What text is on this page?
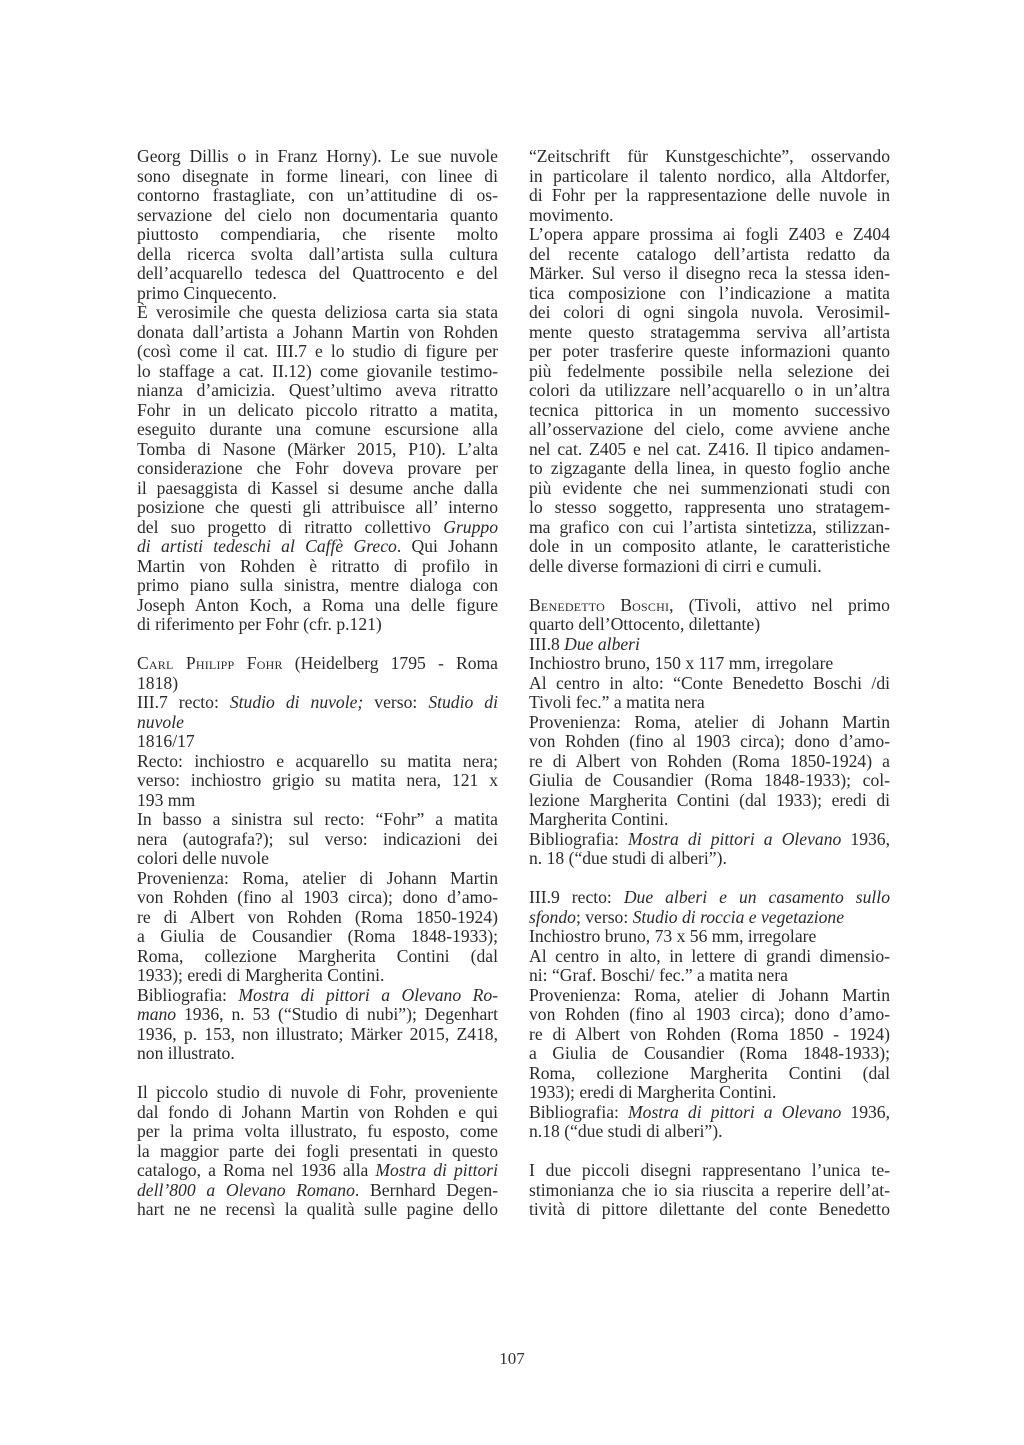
Georg Dillis o in Franz Horny). Le sue nuvole
sono disegnate in forme lineari, con linee di
contorno frastagliate, con un’attitudine di os-
servazione del cielo non documentaria quanto
piuttosto compendiaria, che risente molto
della ricerca svolta dall’artista sulla cultura
dell’acquarello tedesca del Quattrocento e del
primo Cinquecento.

È verosimile che questa deliziosa carta sia stata
donata dall’artista a Johann Martin von Rohden
(così come il cat. III.7 e lo studio di figure per
lo staffage a cat. II.12) come giovanile testimo-
nianza d’amicizia. Quest’ultimo aveva ritratto
Fohr in un delicato piccolo ritratto a matita,
eseguito durante una comune escursione alla
Tomba di Nasone (Märker 2015, P10). L’alta
considerazione che Fohr doveva provare per
il paesaggista di Kassel si desume anche dalla
posizione che questi gli attribuisce all’ interno
del suo progetto di ritratto collettivo Gruppo
di artisti tedeschi al Caffè Greco. Qui Johann
Martin von Rohden è ritratto di profilo in
primo piano sulla sinistra, mentre dialoga con
Joseph Anton Koch, a Roma una delle figure
di riferimento per Fohr (cfr. p.121)

Carl Philipp Fohr (Heidelberg 1795 - Roma
1818)
III.7 recto: Studio di nuvole; verso: Studio di
nuvole
1816/17
Recto: inchiostro e acquarello su matita nera;
verso: inchiostro grigio su matita nera, 121 x
193 mm
In basso a sinistra sul recto: “Fohr” a matita
nera (autografa?); sul verso: indicazioni dei
colori delle nuvole
Provenienza: Roma, atelier di Johann Martin
von Rohden (fino al 1903 circa); dono d’amo-
re di Albert von Rohden (Roma 1850-1924)
a Giulia de Cousandier (Roma 1848-1933);
Roma, collezione Margherita Contini (dal
1933); eredi di Margherita Contini.
Bibliografia: Mostra di pittori a Olevano Ro-
mano 1936, n. 53 (“Studio di nubi”); Degenhart
1936, p. 153, non illustrato; Märker 2015, Z418,
non illustrato.

Il piccolo studio di nuvole di Fohr, proveniente
dal fondo di Johann Martin von Rohden e qui
per la prima volta illustrato, fu esposto, come
la maggior parte dei fogli presentati in questo
catalogo, a Roma nel 1936 alla Mostra di pittori
dell’800 a Olevano Romano. Bernhard Degen-
hart ne ne recensì la qualità sulle pagine dello

“Zeitschrift für Kunstgeschichte”, osservando
in particolare il talento nordico, alla Altdorfer,
di Fohr per la rappresentazione delle nuvole in
movimento.

L’opera appare prossima ai fogli Z403 e Z404
del recente catalogo dell’artista redatto da
Märker. Sul verso il disegno reca la stessa iden-
tica composizione con l’indicazione a matita
dei colori di ogni singola nuvola. Verosimil-
mente questo stratagemma serviva all’artista
per poter trasferire queste informazioni quanto
più fedelmente possibile nella selezione dei
colori da utilizzare nell’acquarello o in un’altra
tecnica pittorica in un momento successivo
all’osservazione del cielo, come avviene anche
nel cat. Z405 e nel cat. Z416. Il tipico andamen-
to zigzagante della linea, in questo foglio anche
più evidente che nei summenzionati studi con
lo stesso soggetto, rappresenta uno stratagem-
ma grafico con cui l’artista sintetizza, stilizzan-
dole in un composito atlante, le caratteristiche
delle diverse formazioni di cirri e cumuli.

Benedetto Boschi, (Tivoli, attivo nel primo
quarto dell’Ottocento, dilettante)
III.8 Due alberi
Inchiostro bruno, 150 x 117 mm, irregolare
Al centro in alto: “Conte Benedetto Boschi /di
Tivoli fec.” a matita nera
Provenienza: Roma, atelier di Johann Martin
von Rohden (fino al 1903 circa); dono d’amo-
re di Albert von Rohden (Roma 1850-1924) a
Giulia de Cousandier (Roma 1848-1933); col-
lezione Margherita Contini (dal 1933); eredi di
Margherita Contini.
Bibliografia: Mostra di pittori a Olevano 1936,
n. 18 (“due studi di alberi”).

III.9 recto: Due alberi e un casamento sullo
sfondo; verso: Studio di roccia e vegetazione
Inchiostro bruno, 73 x 56 mm, irregolare
Al centro in alto, in lettere di grandi dimensio-
ni: “Graf. Boschi/ fec.” a matita nera
Provenienza: Roma, atelier di Johann Martin
von Rohden (fino al 1903 circa); dono d’amo-
re di Albert von Rohden (Roma 1850 - 1924)
a Giulia de Cousandier (Roma 1848-1933);
Roma, collezione Margherita Contini (dal
1933); eredi di Margherita Contini.
Bibliografia: Mostra di pittori a Olevano 1936,
n.18 (“due studi di alberi”).

I due piccoli disegni rappresentano l’unica te-
stimonianza che io sia riuscita a reperire dell’at-
tività di pittore dilettante del conte Benedetto

107
